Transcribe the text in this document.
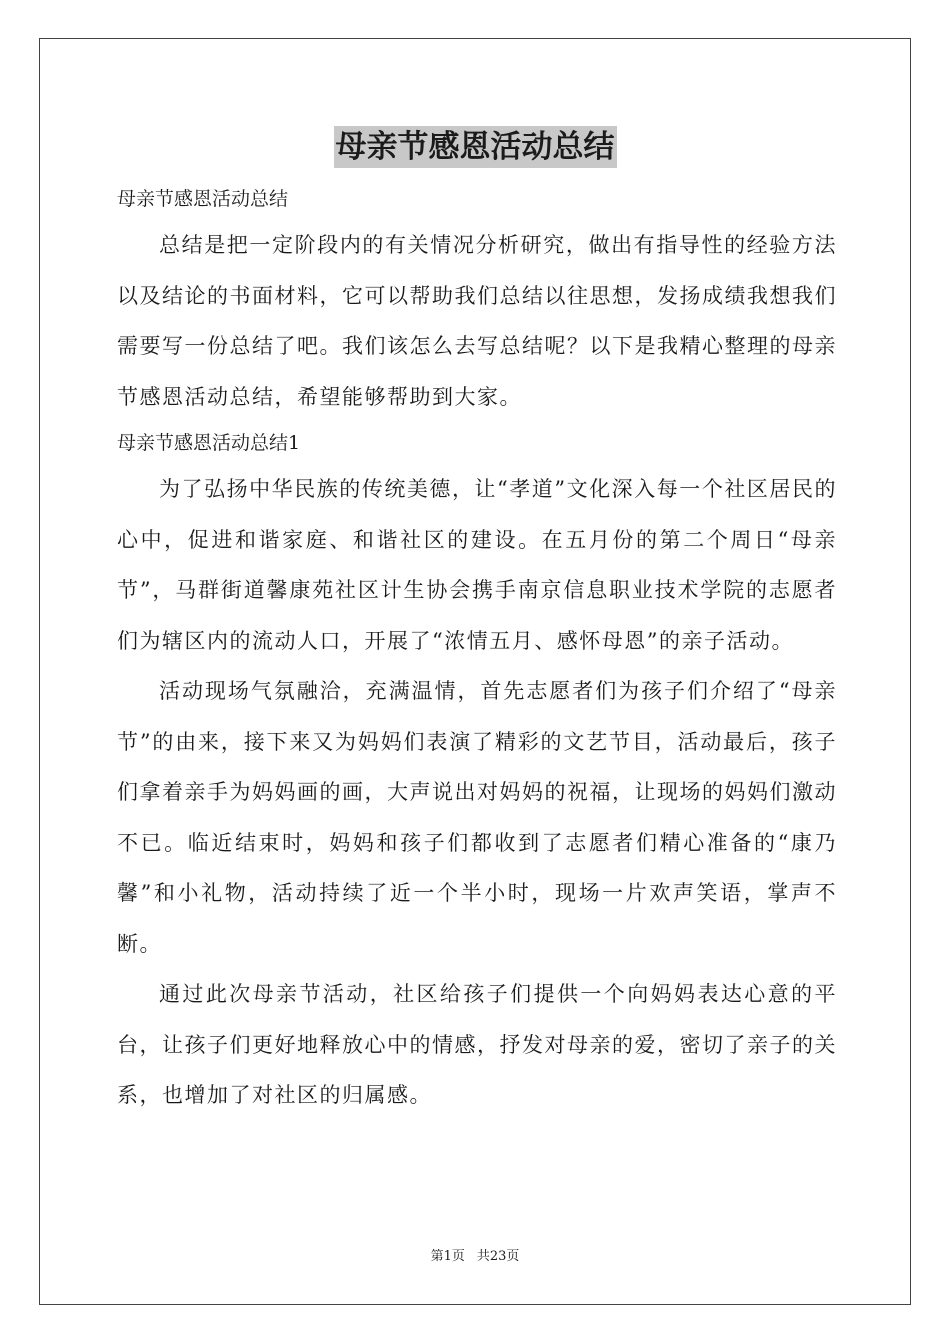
母亲节感恩活动总结

母亲节感恩活动总结

总结是把一定阶段内的有关情况分析研究，做出有指导性的经验方法以及结论的书面材料，它可以帮助我们总结以往思想，发扬成绩我想我们需要写一份总结了吧。我们该怎么去写总结呢？以下是我精心整理的母亲节感恩活动总结，希望能够帮助到大家。

母亲节感恩活动总结1

为了弘扬中华民族的传统美德，让“孝道”文化深入每一个社区居民的心中，促进和谐家庭、和谐社区的建设。在五月份的第二个周日“母亲节”，马群街道馨康苑社区计生协会携手南京信息职业技术学院的志愿者们为辖区内的流动人口，开展了“浓情五月、感怀母恩”的亲子活动。

活动现场气氛融洽，充满温情，首先志愿者们为孩子们介绍了“母亲节”的由来，接下来又为妈妈们表演了精彩的文艺节目，活动最后，孩子们拿着亲手为妈妈画的画，大声说出对妈妈的祝福，让现场的妈妈们激动不已。临近结束时，妈妈和孩子们都收到了志愿者们精心准备的“康乃馨”和小礼物，活动持续了近一个半小时，现场一片欢声笑语，掌声不断。

通过此次母亲节活动，社区给孩子们提供一个向妈妈表达心意的平台，让孩子们更好地释放心中的情感，抒发对母亲的爱，密切了亲子的关系，也增加了对社区的归属感。

第1页 共23页
